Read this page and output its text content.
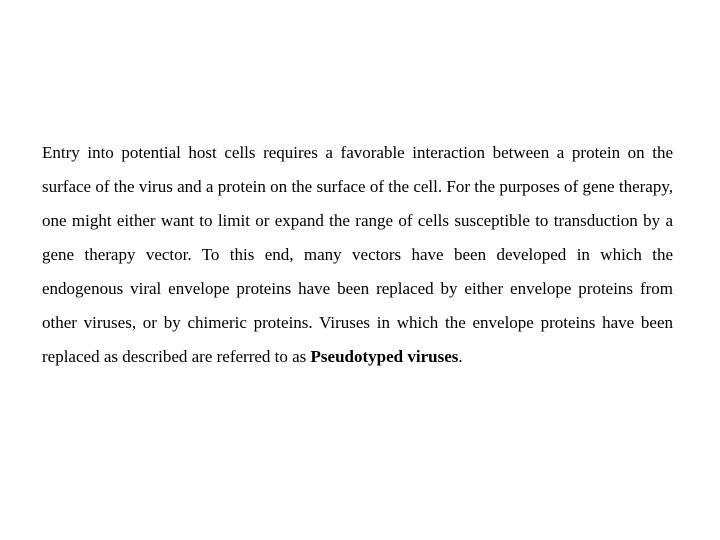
Entry into potential host cells requires a favorable interaction between a protein on the surface of the virus and a protein on the surface of the cell. For the purposes of gene therapy, one might either want to limit or expand the range of cells susceptible to transduction by a gene therapy vector. To this end, many vectors have been developed in which the endogenous viral envelope proteins have been replaced by either envelope proteins from other viruses, or by chimeric proteins. Viruses in which the envelope proteins have been replaced as described are referred to as Pseudotyped viruses.
